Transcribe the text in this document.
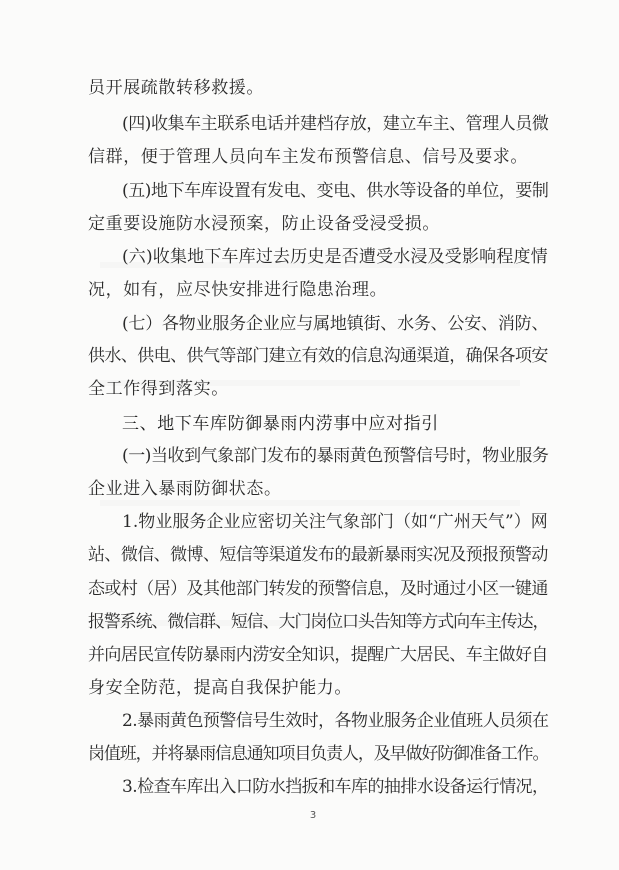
员开展疏散转移救援。
(四)收集车主联系电话并建档存放，建立车主、管理人员微
信群，便于管理人员向车主发布预警信息、信号及要求。
(五)地下车库设置有发电、变电、供水等设备的单位，要制
定重要设施防水浸预案，防止设备受浸受损。
(六)收集地下车库过去历史是否遭受水浸及受影响程度情
况，如有，应尽快安排进行隐患治理。
(七）各物业服务企业应与属地镇街、水务、公安、消防、
供水、供电、供气等部门建立有效的信息沟通渠道，确保各项安
全工作得到落实。
三、地下车库防御暴雨内涝事中应对指引
(一)当收到气象部门发布的暴雨黄色预警信号时，物业服务
企业进入暴雨防御状态。
1.物业服务企业应密切关注气象部门（如“广州天气”）网
站、微信、微博、短信等渠道发布的最新暴雨实况及预报预警动
态或村（居）及其他部门转发的预警信息，及时通过小区一键通
报警系统、微信群、短信、大门岗位口头告知等方式向车主传达，
并向居民宣传防暴雨内涝安全知识，提醒广大居民、车主做好自
身安全防范，提高自我保护能力。
2.暴雨黄色预警信号生效时，各物业服务企业值班人员须在
岗值班，并将暴雨信息通知项目负责人，及早做好防御准备工作。
3.检查车库出入口防水挡扳和车库的抽排水设备运行情况，
3
